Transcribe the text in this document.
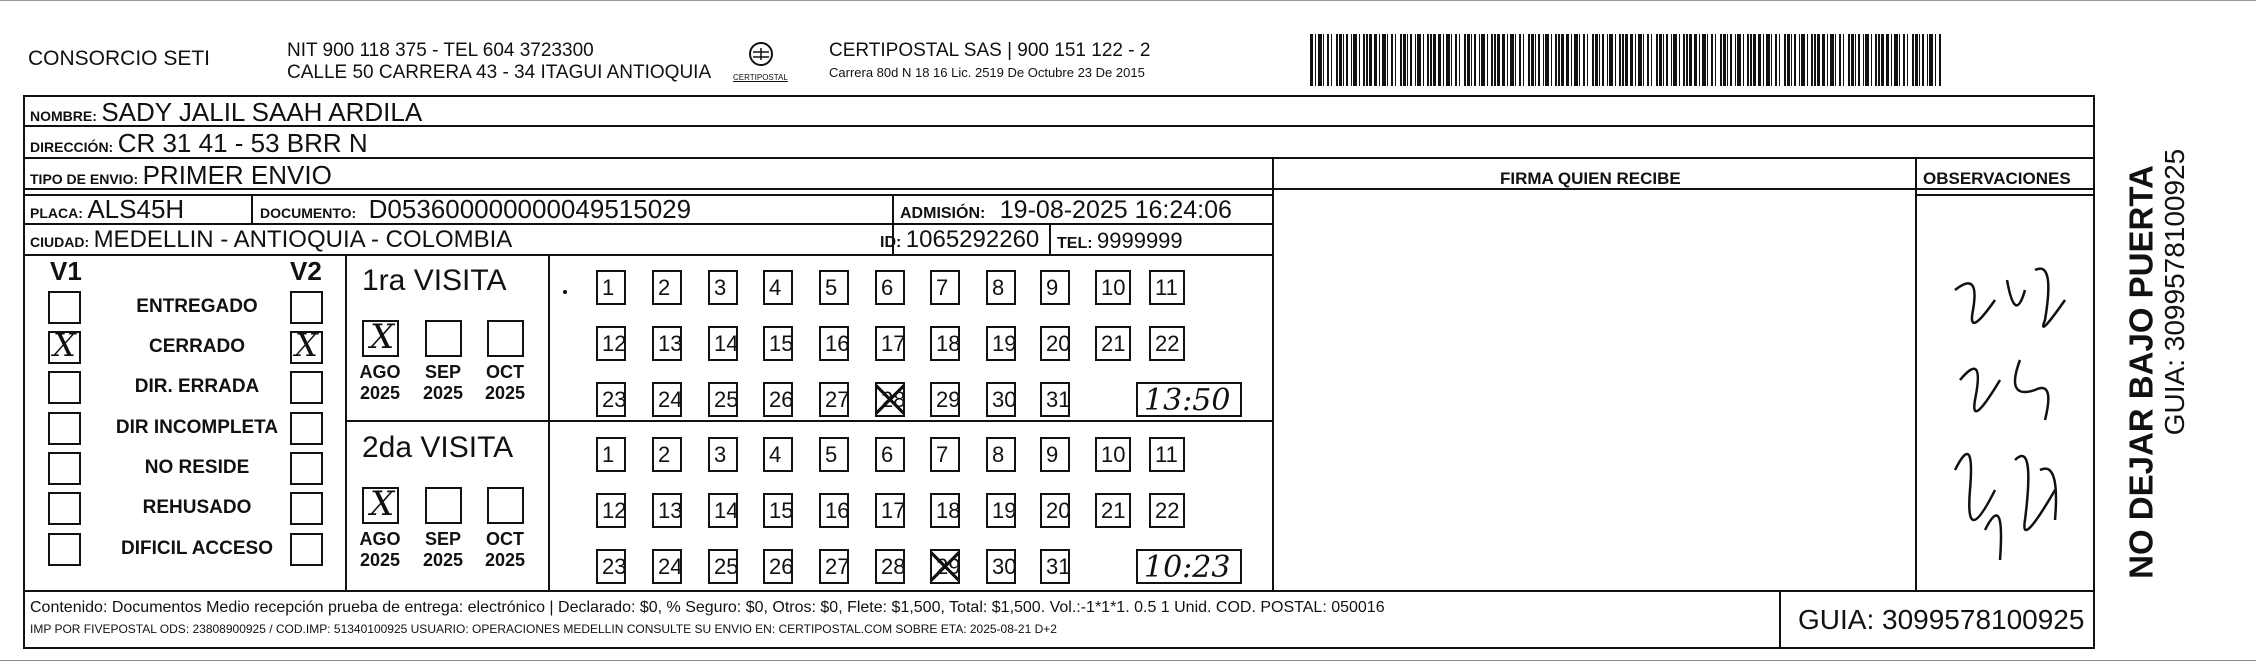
CONSORCIO SETI	NIT 900 118 375 - TEL 604 3723300
CALLE 50 CARRERA 43 - 34 ITAGUI ANTIOQUIA	CERTIPOSTAL
CERTIPOSTAL SAS | 900 151 122 - 2
Carrera 80d N 18 16 Lic. 2519 De Octubre 23 De 2015
NOMBRE: SADY JALIL SAAH ARDILA
DIRECCIÓN: CR 31 41 - 53 BRR N
TIPO DE ENVIO: PRIMER ENVIO
PLACA: ALS45H	DOCUMENTO: D053600000000049515029	ADMISIÓN: 19-08-2025 16:24:06
CIUDAD: MEDELLIN - ANTIOQUIA - COLOMBIA	ID: 1065292260 TEL: 9999999
FIRMA QUIEN RECIBE	OBSERVACIONES
V1	V2
ENTREGADO
X	CERRADO	X
DIR. ERRADA
DIR INCOMPLETA
NO RESIDE
REHUSADO
DIFICIL ACCESO
1ra VISITA
X
AGO
2025
SEP
2025
OCT
2025
1	2	3	4	5	6	7	8	9	10 11
12 13 14 15 16 17 18 19 20 21 22
23 24 25 26 27 28 29 30 31 13:50
2da VISITA
X
AGO
2025
SEP
2025
OCT
2025
1	2	3	4	5	6	7	8	9	10 11
12 13 14 15 16 17 18 19 20 21 22
23 24 25 26 27 28 29 30 31 10:23	NO DEJAR BAJO PUERTA GUIA: 3099578100925
Contenido: Documentos Medio recepción prueba de entrega: electrónico | Declarado: $0, % Seguro: $0, Otros: $0, Flete: $1,500, Total: $1,500. Vol.:-1*1*1. 0.5 1 Unid. COD. POSTAL: 050016
IMP POR FIVEPOSTAL ODS: 23808900925 / COD.IMP: 51340100925 USUARIO: OPERACIONES MEDELLIN CONSULTE SU ENVIO EN: CERTIPOSTAL.COM SOBRE ETA: 2025-08-21 D+2	GUIA: 3099578100925
